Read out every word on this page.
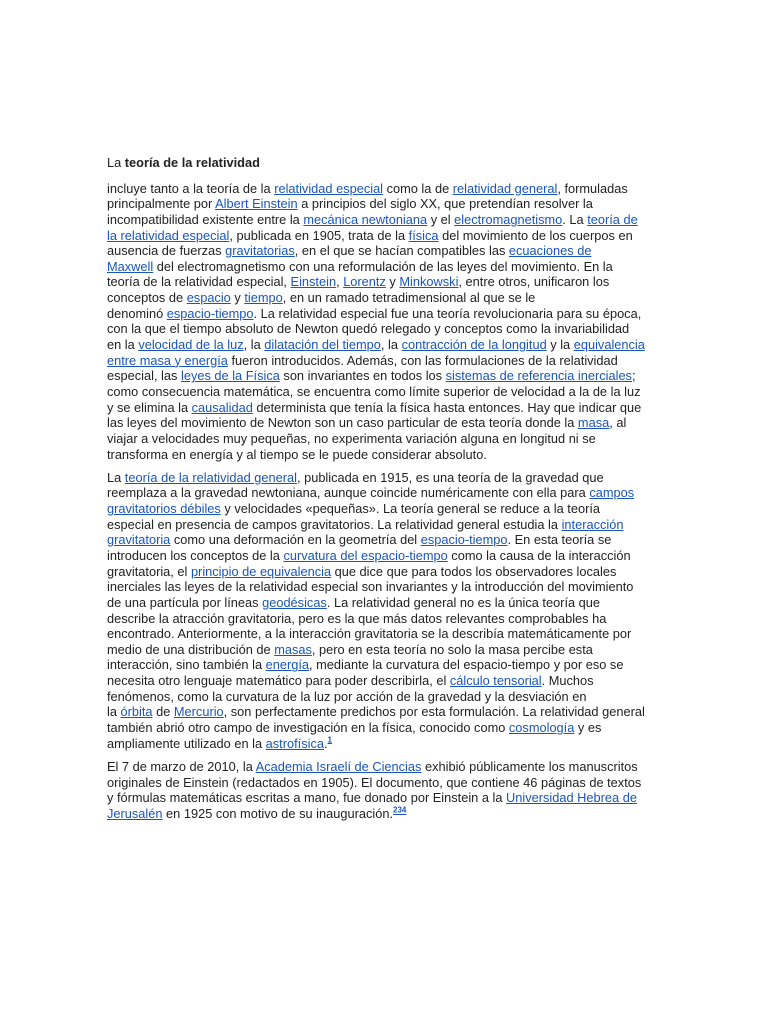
La teoría de la relatividad
incluye tanto a la teoría de la relatividad especial como la de relatividad general, formuladas
principalmente por Albert Einstein a principios del siglo XX, que pretendían resolver la
incompatibilidad existente entre la mecánica newtoniana y el electromagnetismo. La teoría de
la relatividad especial, publicada en 1905, trata de la física del movimiento de los cuerpos en
ausencia de fuerzas gravitatorias, en el que se hacían compatibles las ecuaciones de
Maxwell del electromagnetismo con una reformulación de las leyes del movimiento. En la
teoría de la relatividad especial, Einstein, Lorentz y Minkowski, entre otros, unificaron los
conceptos de espacio y tiempo, en un ramado tetradimensional al que se le
denominó espacio-tiempo. La relatividad especial fue una teoría revolucionaria para su época,
con la que el tiempo absoluto de Newton quedó relegado y conceptos como la invariabilidad
en la velocidad de la luz, la dilatación del tiempo, la contracción de la longitud y la equivalencia
entre masa y energía fueron introducidos. Además, con las formulaciones de la relatividad
especial, las leyes de la Física son invariantes en todos los sistemas de referencia inerciales;
como consecuencia matemática, se encuentra como límite superior de velocidad a la de la luz
y se elimina la causalidad determinista que tenía la física hasta entonces. Hay que indicar que
las leyes del movimiento de Newton son un caso particular de esta teoría donde la masa, al
viajar a velocidades muy pequeñas, no experimenta variación alguna en longitud ni se
transforma en energía y al tiempo se le puede considerar absoluto.
La teoría de la relatividad general, publicada en 1915, es una teoría de la gravedad que
reemplaza a la gravedad newtoniana, aunque coincide numéricamente con ella para campos
gravitatorios débiles y velocidades «pequeñas». La teoría general se reduce a la teoría
especial en presencia de campos gravitatorios. La relatividad general estudia la interacción
gravitatoria como una deformación en la geometría del espacio-tiempo. En esta teoría se
introducen los conceptos de la curvatura del espacio-tiempo como la causa de la interacción
gravitatoria, el principio de equivalencia que dice que para todos los observadores locales
inerciales las leyes de la relatividad especial son invariantes y la introducción del movimiento
de una partícula por líneas geodésicas. La relatividad general no es la única teoría que
describe la atracción gravitatoria, pero es la que más datos relevantes comprobables ha
encontrado. Anteriormente, a la interacción gravitatoria se la describía matemáticamente por
medio de una distribución de masas, pero en esta teoría no solo la masa percibe esta
interacción, sino también la energía, mediante la curvatura del espacio-tiempo y por eso se
necesita otro lenguaje matemático para poder describirla, el cálculo tensorial. Muchos
fenómenos, como la curvatura de la luz por acción de la gravedad y la desviación en
la órbita de Mercurio, son perfectamente predichos por esta formulación. La relatividad general
también abrió otro campo de investigación en la física, conocido como cosmología y es
ampliamente utilizado en la astrofísica.$^1$
El 7 de marzo de 2010, la Academia Israelí de Ciencias exhibió públicamente los manuscritos
originales de Einstein (redactados en 1905). El documento, que contiene 46 páginas de textos
y fórmulas matemáticas escritas a mano, fue donado por Einstein a la Universidad Hebrea de
Jerusalén en 1925 con motivo de su inauguración.$^{234}$
